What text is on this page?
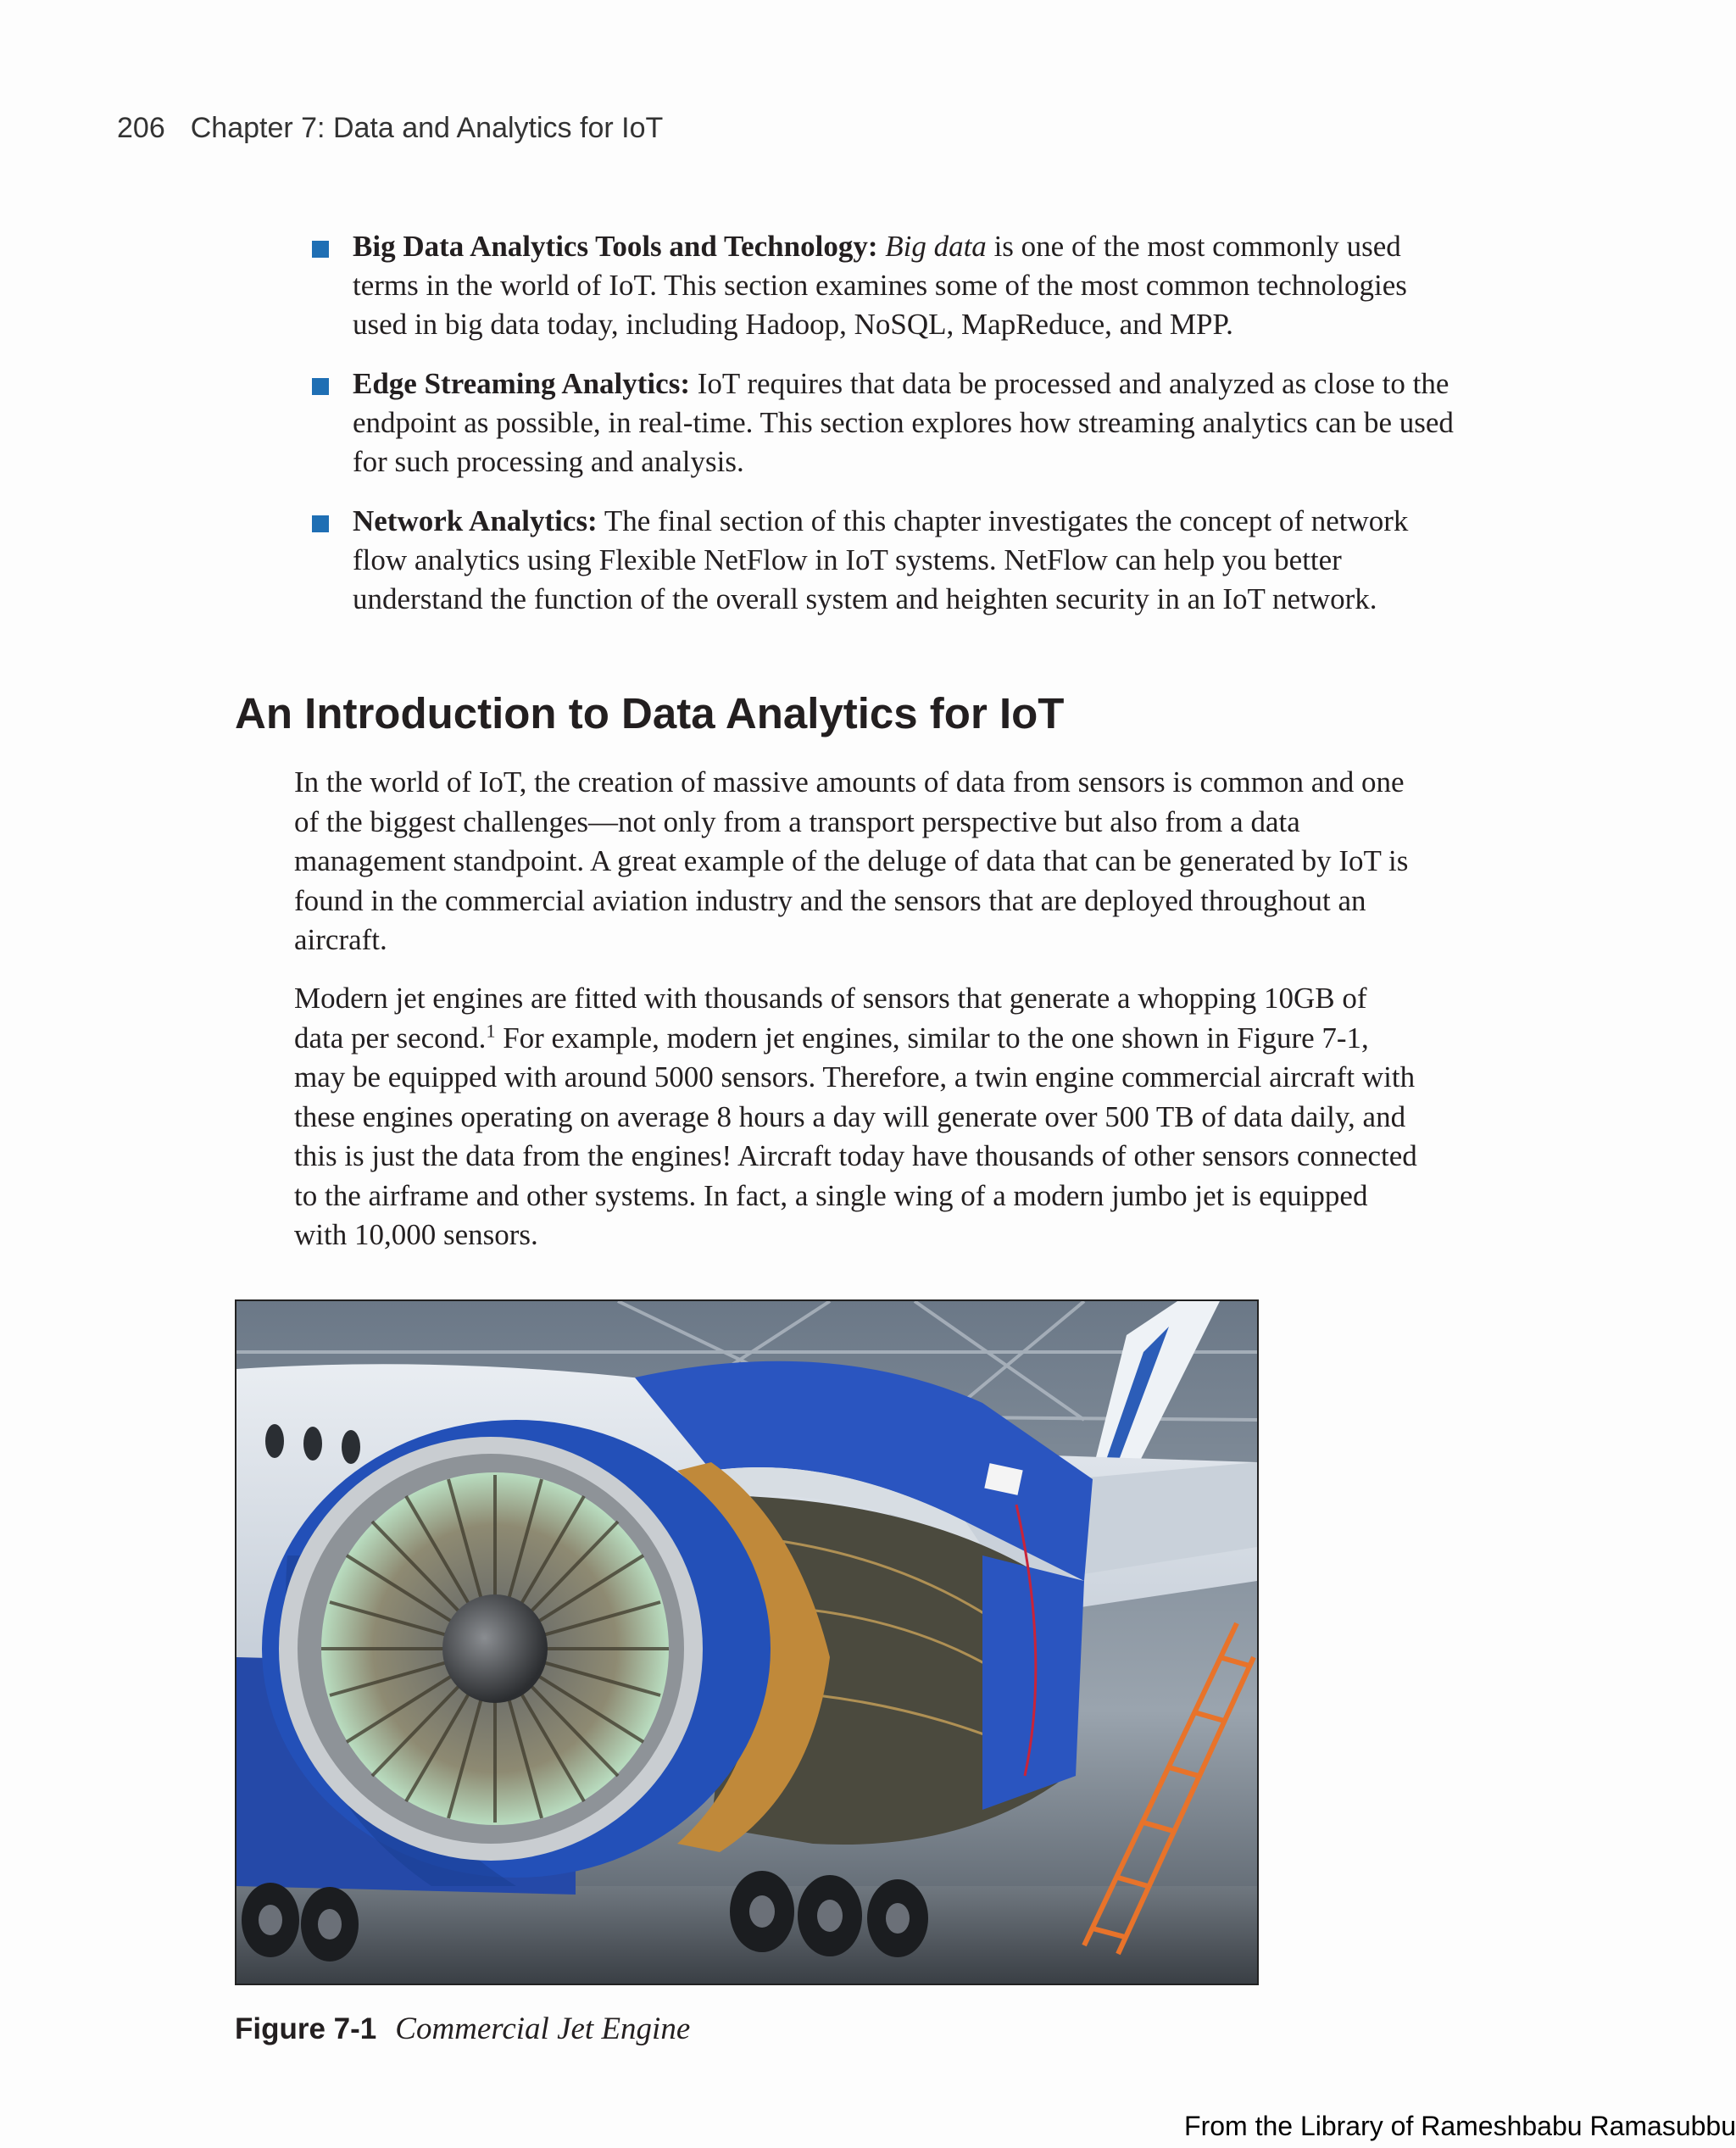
206 Chapter 7: Data and Analytics for IoT
Big Data Analytics Tools and Technology: Big data is one of the most commonly used terms in the world of IoT. This section examines some of the most common technologies used in big data today, including Hadoop, NoSQL, MapReduce, and MPP.
Edge Streaming Analytics: IoT requires that data be processed and analyzed as close to the endpoint as possible, in real-time. This section explores how streaming analytics can be used for such processing and analysis.
Network Analytics: The final section of this chapter investigates the concept of network flow analytics using Flexible NetFlow in IoT systems. NetFlow can help you better understand the function of the overall system and heighten security in an IoT network.
An Introduction to Data Analytics for IoT

In the world of IoT, the creation of massive amounts of data from sensors is common and one of the biggest challenges—not only from a transport perspective but also from a data management standpoint. A great example of the deluge of data that can be generated by IoT is found in the commercial aviation industry and the sensors that are deployed throughout an aircraft.

Modern jet engines are fitted with thousands of sensors that generate a whopping 10GB of data per second.$^1$ For example, modern jet engines, similar to the one shown in Figure 7-1, may be equipped with around 5000 sensors. Therefore, a twin engine commercial aircraft with these engines operating on average 8 hours a day will generate over 500 TB of data daily, and this is just the data from the engines! Aircraft today have thousands of other sensors connected to the airframe and other systems. In fact, a single wing of a modern jumbo jet is equipped with 10,000 sensors.

Figure 7-1 Commercial Jet Engine
From the Library of Rameshbabu Ramasubbu
